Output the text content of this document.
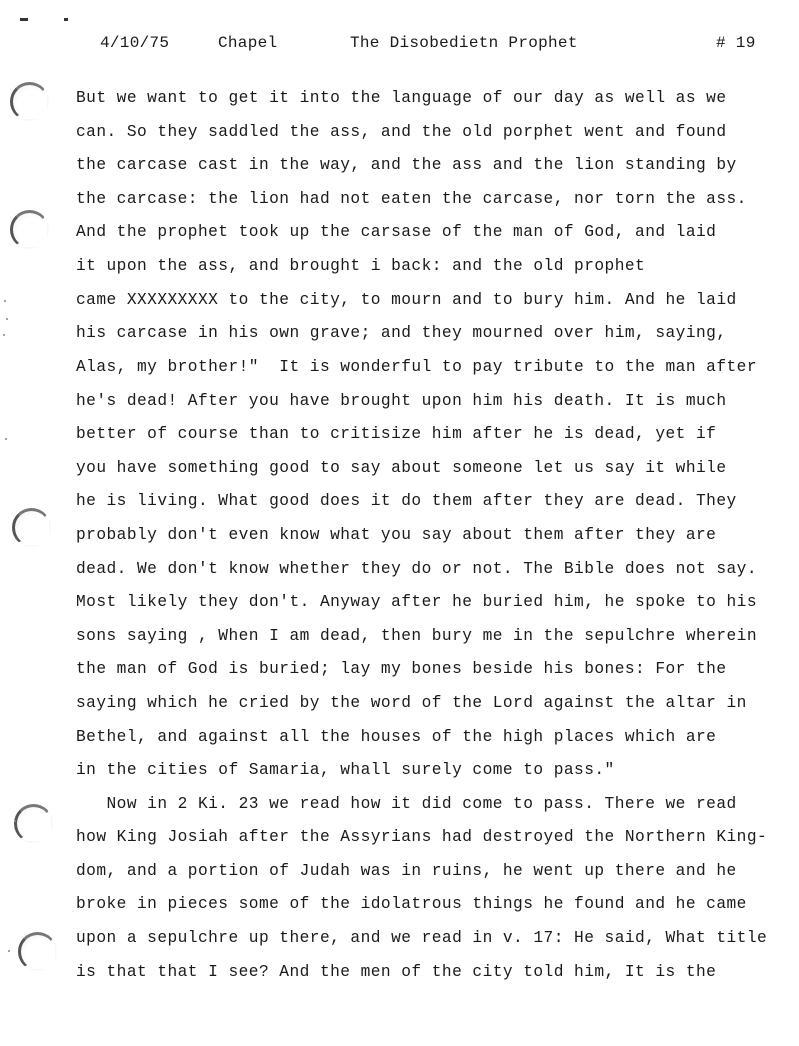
4/10/75	Chapel	The Disobedietn Prophet	# 19
But we want to get it into the language of our day as well as we
can. So they saddled the ass, and the old porphet went and found
the carcase cast in the way, and the ass and the lion standing by
the carcase: the lion had not eaten the carcase, nor torn the ass.
And the prophet took up the carsase of the man of God, and laid
it upon the ass, and brought i back: and the old prophet
came XXXXXXXXX to the city, to mourn and to bury him. And he laid
his carcase in his own grave; and they mourned over him, saying,
Alas, my brother!"  It is wonderful to pay tribute to the man after
he's dead! After you have brought upon him his death. It is much
better of course than to critisize him after he is dead, yet if
you have something good to say about someone let us say it while
he is living. What good does it do them after they are dead. They
probably don't even know what you say about them after they are
dead. We don't know whether they do or not. The Bible does not say.
Most likely they don't. Anyway after he buried him, he spoke to his
sons saying , When I am dead, then bury me in the sepulchre wherein
the man of God is buried; lay my bones beside his bones: For the
saying which he cried by the word of the Lord against the altar in
Bethel, and against all the houses of the high places which are
in the cities of Samaria, whall surely come to pass."
Now in 2 Ki. 23 we read how it did come to pass. There we read
how King Josiah after the Assyrians had destroyed the Northern King-
dom, and a portion of Judah was in ruins, he went up there and he
broke in pieces some of the idolatrous things he found and he came
upon a sepulchre up there, and we read in v. 17: He said, What title
is that that I see? And the men of the city told him, It is the
